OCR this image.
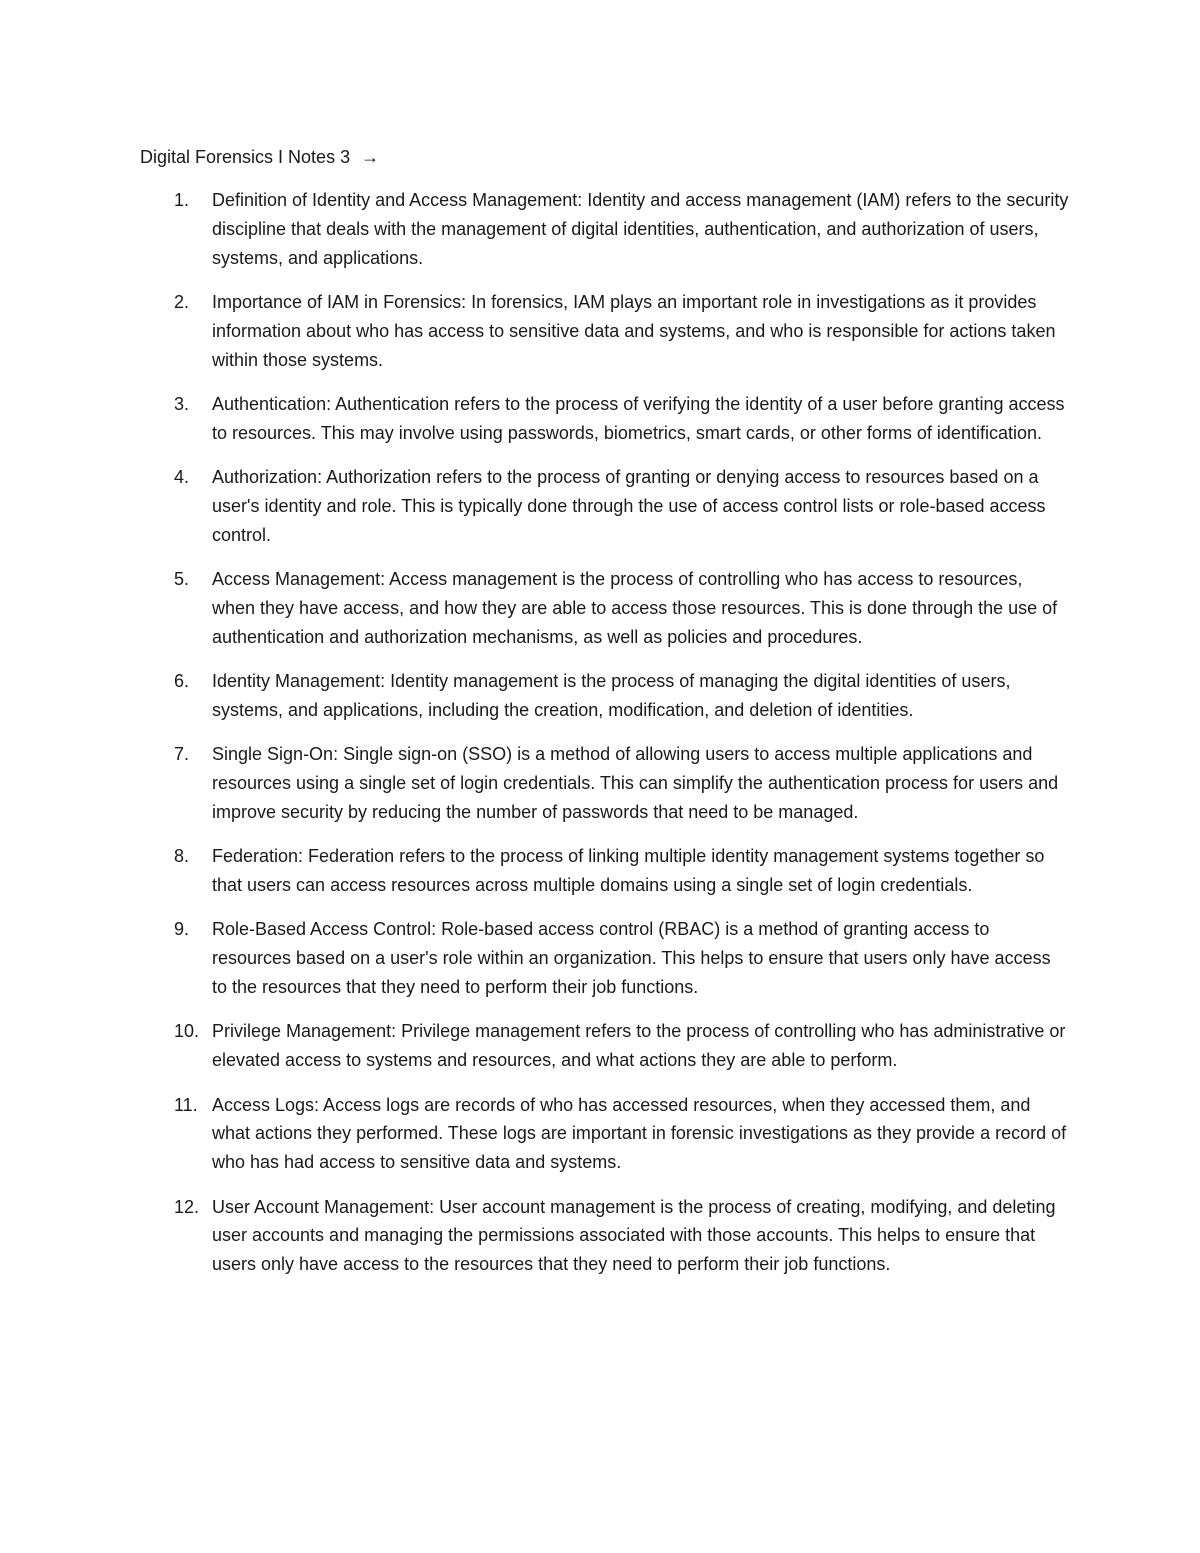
Digital Forensics I Notes 3 →
1. Definition of Identity and Access Management: Identity and access management (IAM) refers to the security discipline that deals with the management of digital identities, authentication, and authorization of users, systems, and applications.
2. Importance of IAM in Forensics: In forensics, IAM plays an important role in investigations as it provides information about who has access to sensitive data and systems, and who is responsible for actions taken within those systems.
3. Authentication: Authentication refers to the process of verifying the identity of a user before granting access to resources. This may involve using passwords, biometrics, smart cards, or other forms of identification.
4. Authorization: Authorization refers to the process of granting or denying access to resources based on a user's identity and role. This is typically done through the use of access control lists or role-based access control.
5. Access Management: Access management is the process of controlling who has access to resources, when they have access, and how they are able to access those resources. This is done through the use of authentication and authorization mechanisms, as well as policies and procedures.
6. Identity Management: Identity management is the process of managing the digital identities of users, systems, and applications, including the creation, modification, and deletion of identities.
7. Single Sign-On: Single sign-on (SSO) is a method of allowing users to access multiple applications and resources using a single set of login credentials. This can simplify the authentication process for users and improve security by reducing the number of passwords that need to be managed.
8. Federation: Federation refers to the process of linking multiple identity management systems together so that users can access resources across multiple domains using a single set of login credentials.
9. Role-Based Access Control: Role-based access control (RBAC) is a method of granting access to resources based on a user's role within an organization. This helps to ensure that users only have access to the resources that they need to perform their job functions.
10. Privilege Management: Privilege management refers to the process of controlling who has administrative or elevated access to systems and resources, and what actions they are able to perform.
11. Access Logs: Access logs are records of who has accessed resources, when they accessed them, and what actions they performed. These logs are important in forensic investigations as they provide a record of who has had access to sensitive data and systems.
12. User Account Management: User account management is the process of creating, modifying, and deleting user accounts and managing the permissions associated with those accounts. This helps to ensure that users only have access to the resources that they need to perform their job functions.
